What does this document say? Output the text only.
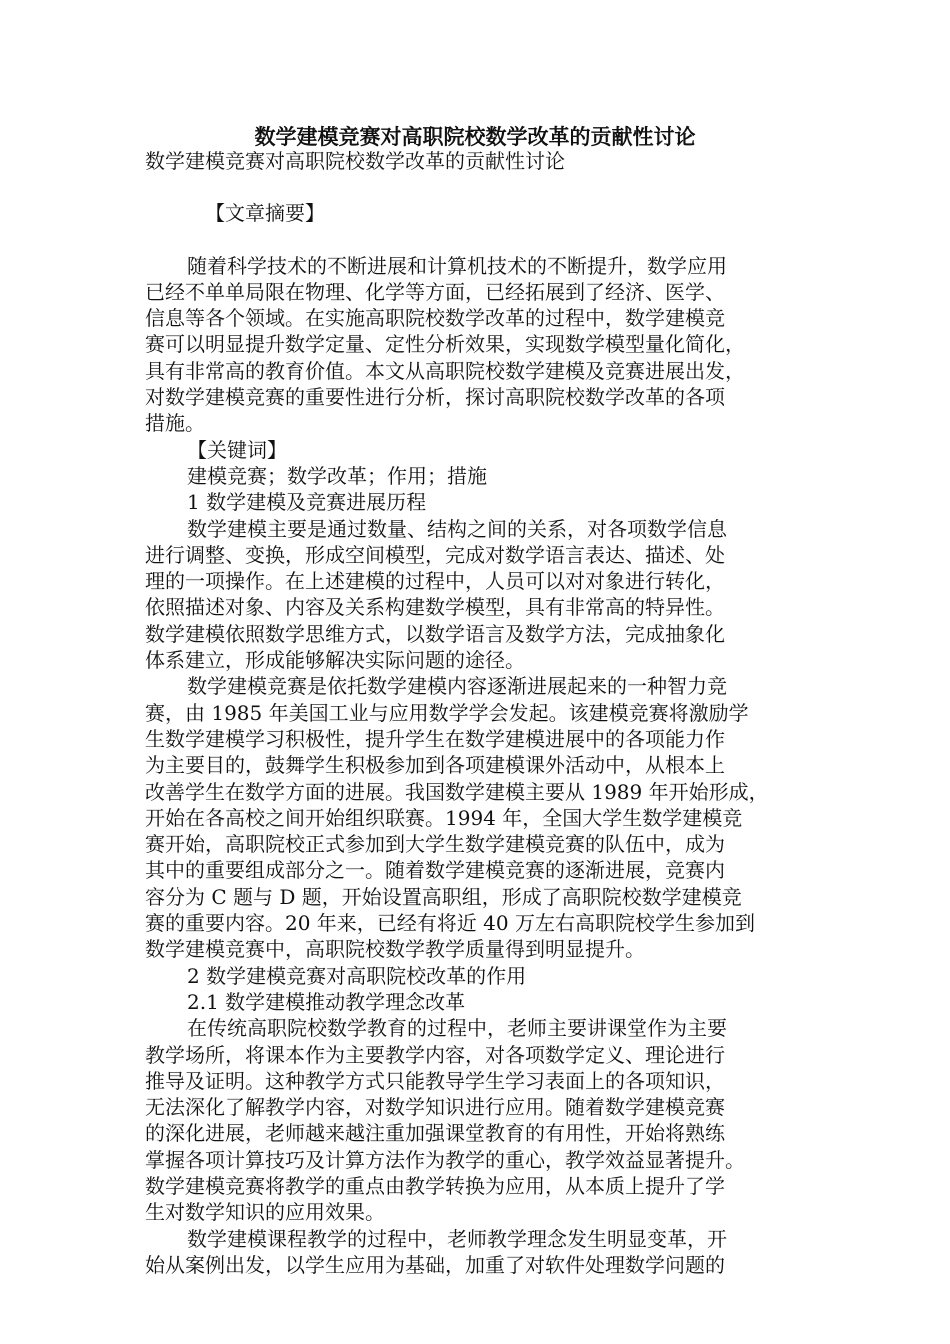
数学建模竞赛对高职院校数学改革的贡献性讨论

数学建模竞赛对高职院校数学改革的贡献性讨论

【文章摘要】

随着科学技术的不断进展和计算机技术的不断提升，数学应用

已经不单单局限在物理、化学等方面，已经拓展到了经济、医学、

信息等各个领域。在实施高职院校数学改革的过程中，数学建模竞

赛可以明显提升数学定量、定性分析效果，实现数学模型量化简化，

具有非常高的教育价值。本文从高职院校数学建模及竞赛进展出发，

对数学建模竞赛的重要性进行分析，探讨高职院校数学改革的各项

措施。

【关键词】

建模竞赛；数学改革；作用；措施

1 数学建模及竞赛进展历程

数学建模主要是通过数量、结构之间的关系，对各项数学信息

进行调整、变换，形成空间模型，完成对数学语言表达、描述、处

理的一项操作。在上述建模的过程中，人员可以对对象进行转化，

依照描述对象、内容及关系构建数学模型，具有非常高的特异性。

数学建模依照数学思维方式，以数学语言及数学方法，完成抽象化

体系建立，形成能够解决实际问题的途径。

数学建模竞赛是依托数学建模内容逐渐进展起来的一种智力竞

赛，由 1985 年美国工业与应用数学学会发起。该建模竞赛将激励学

生数学建模学习积极性，提升学生在数学建模进展中的各项能力作

为主要目的，鼓舞学生积极参加到各项建模课外活动中，从根本上

改善学生在数学方面的进展。我国数学建模主要从 1989 年开始形成，

开始在各高校之间开始组织联赛。1994 年，全国大学生数学建模竞

赛开始，高职院校正式参加到大学生数学建模竞赛的队伍中，成为

其中的重要组成部分之一。随着数学建模竞赛的逐渐进展，竞赛内

容分为 C 题与 D 题，开始设置高职组，形成了高职院校数学建模竞

赛的重要内容。20 年来，已经有将近 40 万左右高职院校学生参加到

数学建模竞赛中，高职院校数学教学质量得到明显提升。

2 数学建模竞赛对高职院校改革的作用

2.1 数学建模推动教学理念改革

在传统高职院校数学教育的过程中，老师主要讲课堂作为主要

教学场所，将课本作为主要教学内容，对各项数学定义、理论进行

推导及证明。这种教学方式只能教导学生学习表面上的各项知识，

无法深化了解教学内容，对数学知识进行应用。随着数学建模竞赛

的深化进展，老师越来越注重加强课堂教育的有用性，开始将熟练

掌握各项计算技巧及计算方法作为教学的重心，教学效益显著提升。

数学建模竞赛将教学的重点由教学转换为应用，从本质上提升了学

生对数学知识的应用效果。

数学建模课程教学的过程中，老师教学理念发生明显变革，开

始从案例出发，以学生应用为基础，加重了对软件处理数学问题的
